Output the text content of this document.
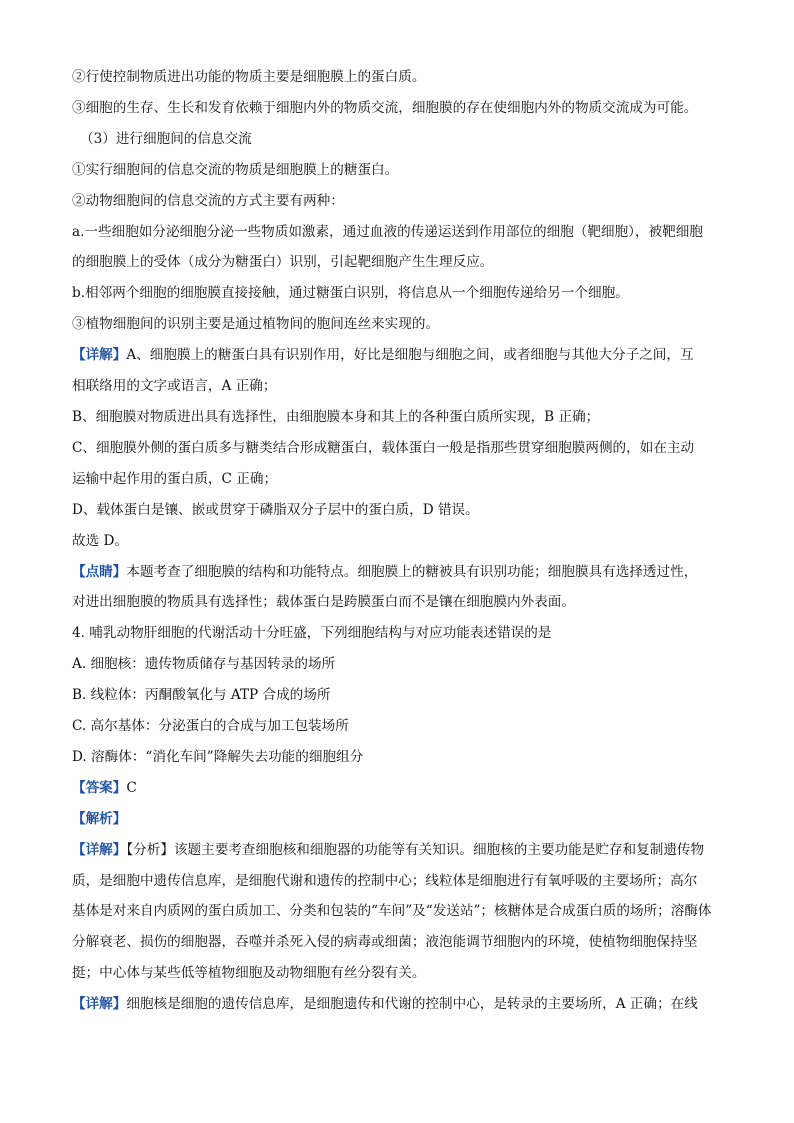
②行使控制物质进出功能的物质主要是细胞膜上的蛋白质。

③细胞的生存、生长和发育依赖于细胞内外的物质交流，细胞膜的存在使细胞内外的物质交流成为可能。

（3）进行细胞间的信息交流

①实行细胞间的信息交流的物质是细胞膜上的糖蛋白。

②动物细胞间的信息交流的方式主要有两种：

a.一些细胞如分泌细胞分泌一些物质如激素，通过血液的传递运送到作用部位的细胞（靶细胞），被靶细胞

的细胞膜上的受体（成分为糖蛋白）识别，引起靶细胞产生生理反应。

b.相邻两个细胞的细胞膜直接接触，通过糖蛋白识别，将信息从一个细胞传递给另一个细胞。

③植物细胞间的识别主要是通过植物间的胞间连丝来实现的。

【详解】A、细胞膜上的糖蛋白具有识别作用，好比是细胞与细胞之间，或者细胞与其他大分子之间，互

相联络用的文字或语言，A 正确；

B、细胞膜对物质进出具有选择性，由细胞膜本身和其上的各种蛋白质所实现，B 正确；

C、细胞膜外侧的蛋白质多与糖类结合形成糖蛋白，载体蛋白一般是指那些贯穿细胞膜两侧的，如在主动

运输中起作用的蛋白质，C 正确；

D、载体蛋白是镶、嵌或贯穿于磷脂双分子层中的蛋白质，D 错误。

故选 D。

【点睛】本题考查了细胞膜的结构和功能特点。细胞膜上的糖被具有识别功能；细胞膜具有选择透过性，

对进出细胞膜的物质具有选择性；载体蛋白是跨膜蛋白而不是镶在细胞膜内外表面。

4. 哺乳动物肝细胞的代谢活动十分旺盛，下列细胞结构与对应功能表述错误的是

A. 细胞核：遗传物质储存与基因转录的场所

B. 线粒体：丙酮酸氧化与 ATP 合成的场所

C. 高尔基体：分泌蛋白的合成与加工包装场所

D. 溶酶体：“消化车间”降解失去功能的细胞组分

【答案】C

【解析】

【详解】【分析】该题主要考查细胞核和细胞器的功能等有关知识。细胞核的主要功能是贮存和复制遗传物

质，是细胞中遗传信息库，是细胞代谢和遗传的控制中心；线粒体是细胞进行有氧呼吸的主要场所；高尔

基体是对来自内质网的蛋白质加工、分类和包装的“车间”及“发送站”；核糖体是合成蛋白质的场所；溶酶体

分解衰老、损伤的细胞器，吞噬并杀死入侵的病毒或细菌；液泡能调节细胞内的环境，使植物细胞保持坚

挺；中心体与某些低等植物细胞及动物细胞有丝分裂有关。

【详解】细胞核是细胞的遗传信息库，是细胞遗传和代谢的控制中心，是转录的主要场所，A 正确；在线
